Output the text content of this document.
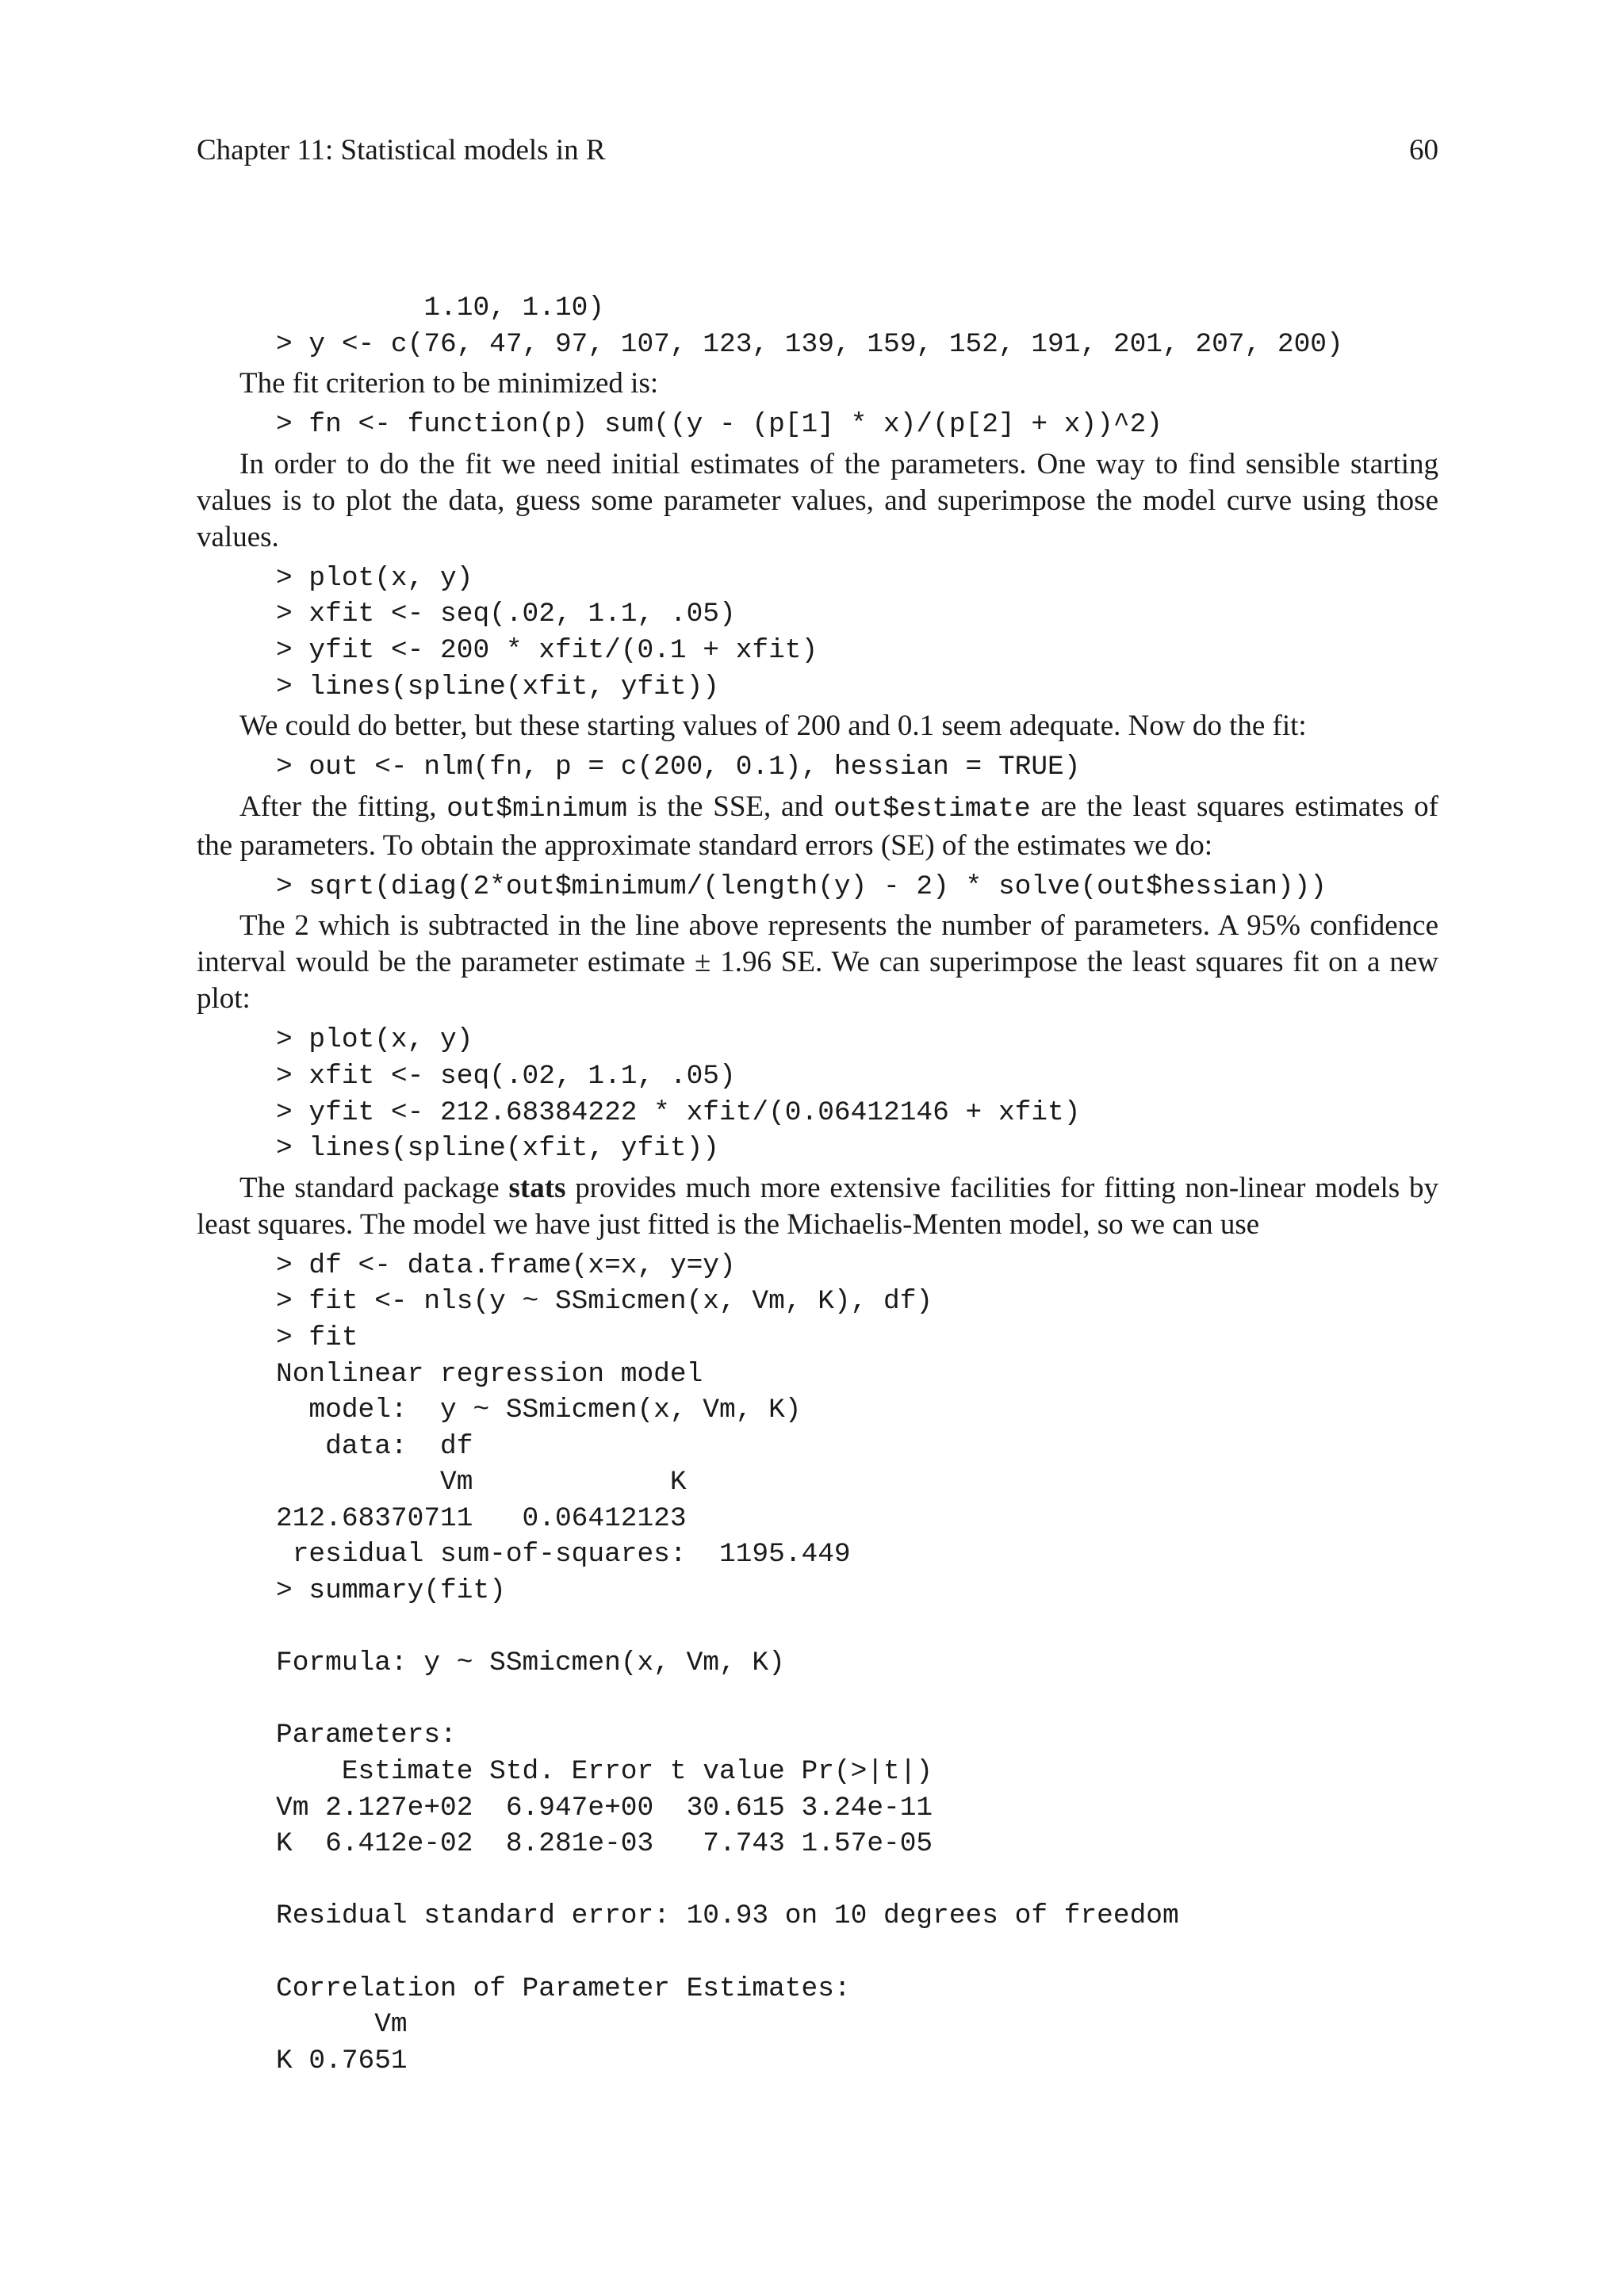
Chapter 11: Statistical models in R	60
1.10, 1.10)
> y <- c(76, 47, 97, 107, 123, 139, 159, 152, 191, 201, 207, 200)

The fit criterion to be minimized is:

> fn <- function(p) sum((y - (p[1] * x)/(p[2] + x))^2)

In order to do the fit we need initial estimates of the parameters. One way to find sensible starting values is to plot the data, guess some parameter values, and superimpose the model curve using those values.

> plot(x, y)
> xfit <- seq(.02, 1.1, .05)
> yfit <- 200 * xfit/(0.1 + xfit)
> lines(spline(xfit, yfit))

We could do better, but these starting values of 200 and 0.1 seem adequate. Now do the fit:

> out <- nlm(fn, p = c(200, 0.1), hessian = TRUE)

After the fitting, out$minimum is the SSE, and out$estimate are the least squares estimates of the parameters. To obtain the approximate standard errors (SE) of the estimates we do:

> sqrt(diag(2*out$minimum/(length(y) - 2) * solve(out$hessian)))

The 2 which is subtracted in the line above represents the number of parameters. A 95% confidence interval would be the parameter estimate ± 1.96 SE. We can superimpose the least squares fit on a new plot:

> plot(x, y)
> xfit <- seq(.02, 1.1, .05)
> yfit <- 212.68384222 * xfit/(0.06412146 + xfit)
> lines(spline(xfit, yfit))

The standard package stats provides much more extensive facilities for fitting non-linear models by least squares. The model we have just fitted is the Michaelis-Menten model, so we can use

> df <- data.frame(x=x, y=y)
> fit <- nls(y ~ SSmicmen(x, Vm, K), df)
> fit
Nonlinear regression model
model:  y ~ SSmicmen(x, Vm, K)
data:  df
Vm            K
212.68370711   0.06412123
residual sum-of-squares:  1195.449
> summary(fit)
Formula: y ~ SSmicmen(x, Vm, K)
Parameters:
Estimate Std. Error t value Pr(>|t|)
Vm 2.127e+02  6.947e+00  30.615 3.24e-11
K  6.412e-02  8.281e-03   7.743 1.57e-05
Residual standard error: 10.93 on 10 degrees of freedom
Correlation of Parameter Estimates:
Vm
K 0.7651
